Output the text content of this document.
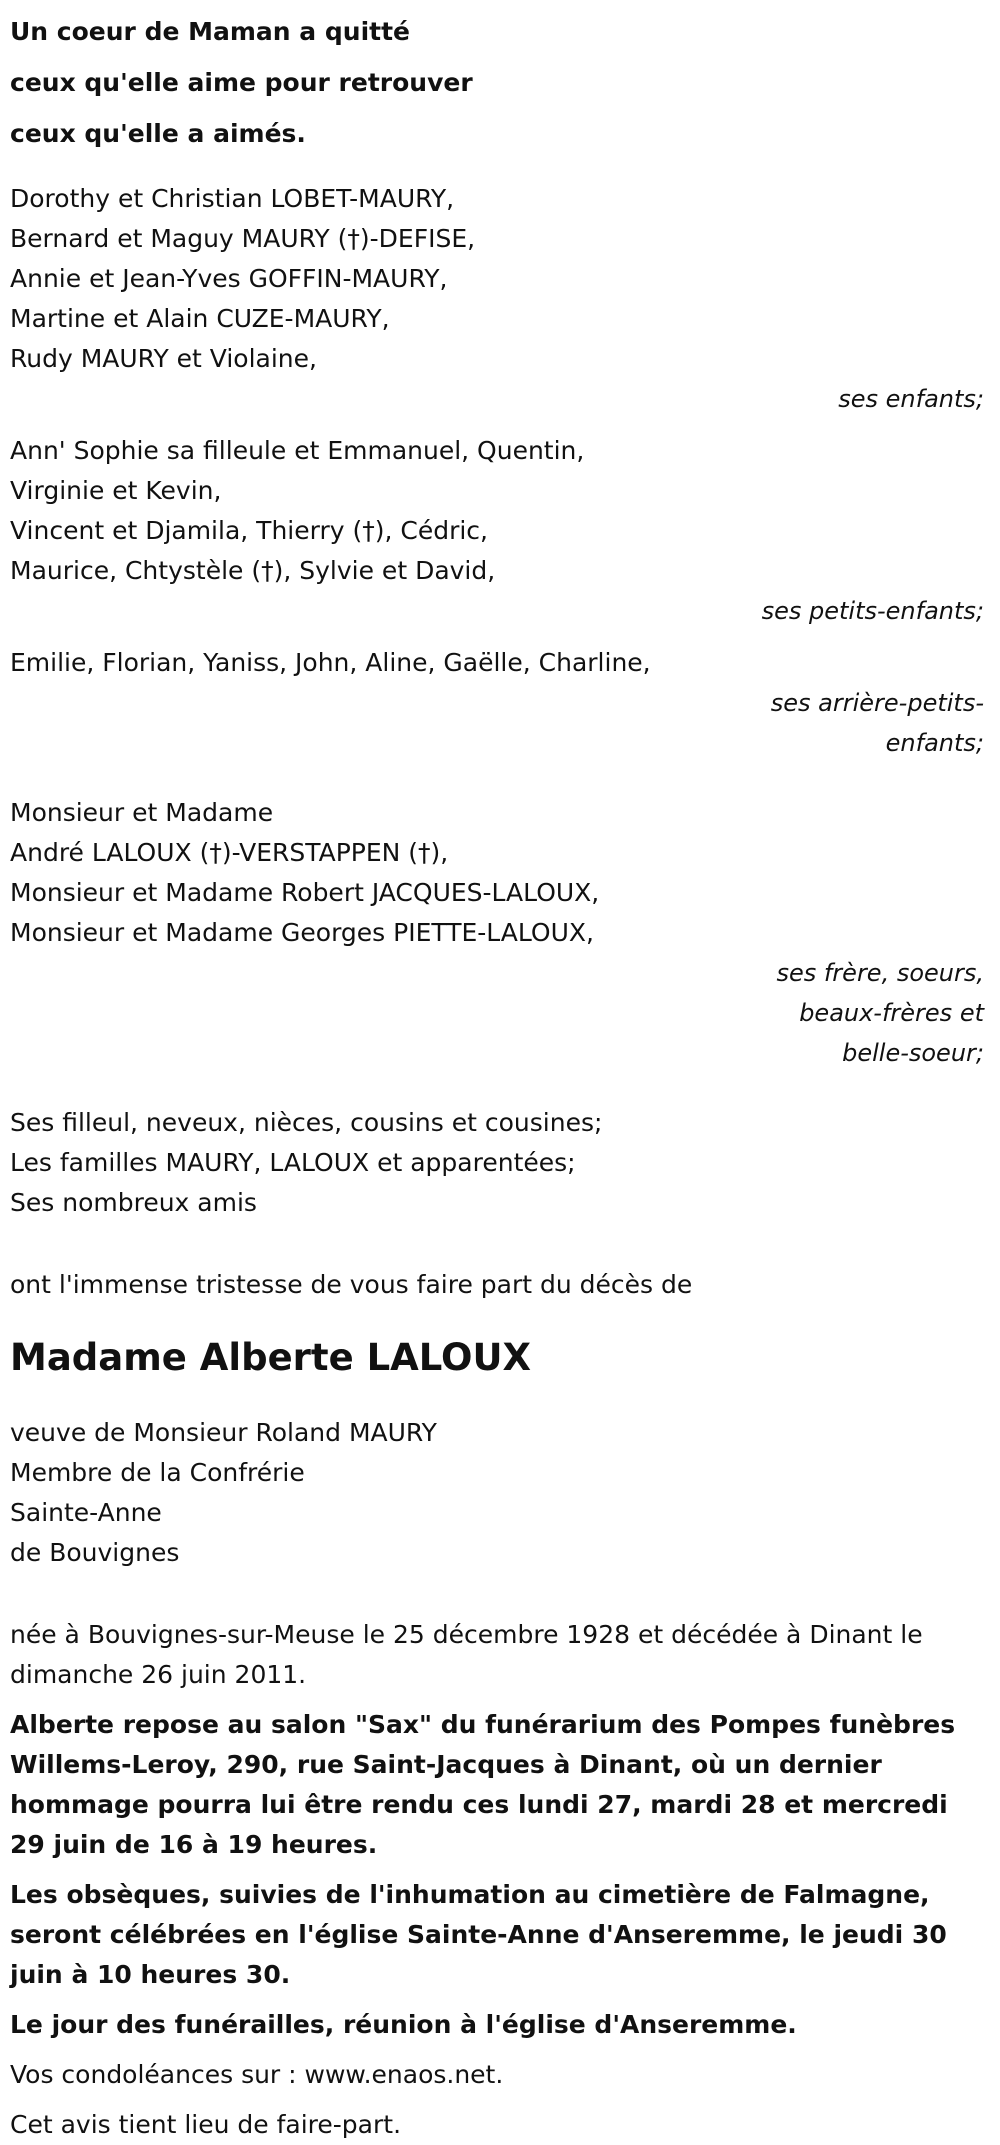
Un coeur de Maman a quitté

ceux qu'elle aime pour retrouver

ceux qu'elle a aimés.

Dorothy et Christian LOBET-MAURY,
Bernard et Maguy MAURY (†)-DEFISE,
Annie et Jean-Yves GOFFIN-MAURY,
Martine et Alain CUZE-MAURY,
Rudy MAURY et Violaine,
ses enfants;
Ann' Sophie sa filleule et Emmanuel, Quentin,
Virginie et Kevin,
Vincent et Djamila, Thierry (†), Cédric,
Maurice, Chtystèle (†), Sylvie et David,
ses petits-enfants;
Emilie, Florian, Yaniss, John, Aline, Gaëlle, Charline,
ses arrière-petits-
enfants;
Monsieur et Madame
André LALOUX (†)-VERSTAPPEN (†),
Monsieur et Madame Robert JACQUES-LALOUX,
Monsieur et Madame Georges PIETTE-LALOUX,
ses frère, soeurs,
beaux-frères et
belle-soeur;
Ses filleul, neveux, nièces, cousins et cousines;
Les familles MAURY, LALOUX et apparentées;
Ses nombreux amis

ont l'immense tristesse de vous faire part du décès de

Madame Alberte LALOUX
veuve de Monsieur Roland MAURY
Membre de la Confrérie
Sainte-Anne
de Bouvignes

née à Bouvignes-sur-Meuse le 25 décembre 1928 et décédée à Dinant le dimanche 26 juin 2011.

Alberte repose au salon "Sax" du funérarium des Pompes funèbres Willems-Leroy, 290, rue Saint-Jacques à Dinant, où un dernier hommage pourra lui être rendu ces lundi 27, mardi 28 et mercredi 29 juin de 16 à 19 heures.

Les obsèques, suivies de l'inhumation au cimetière de Falmagne, seront célébrées en l'église Sainte-Anne d'Anseremme, le jeudi 30 juin à 10 heures 30.

Le jour des funérailles, réunion à l'église d'Anseremme.

Vos condoléances sur : www.enaos.net.

Cet avis tient lieu de faire-part.
